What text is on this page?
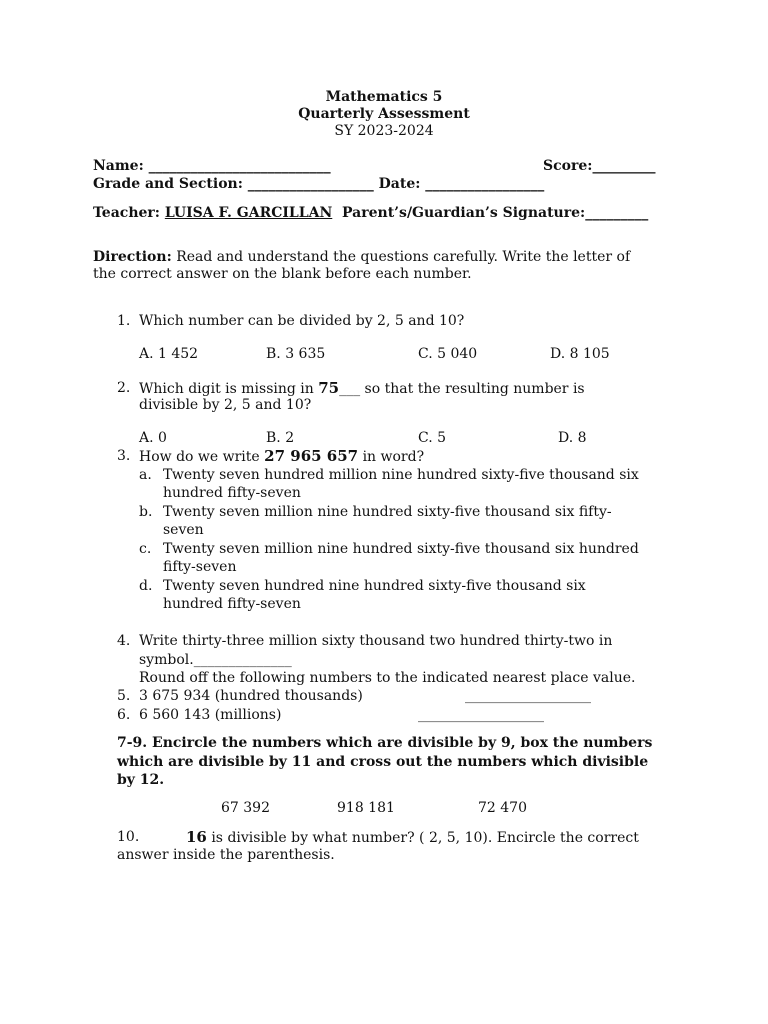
Mathematics 5
Quarterly Assessment
SY 2023-2024
Name: __________________________	Score:_________
Grade and Section: __________________ Date: _________________
Teacher: LUISA F. GARCILLAN Parent’s/Guardian’s Signature:_________
Direction: Read and understand the questions carefully. Write the letter of
the correct answer on the blank before each number.
1. Which number can be divided by 2, 5 and 10?
A. 1 452	B. 3 635	C. 5 040	D. 8 105
2. Which digit is missing in 75___ so that the resulting number is
divisible by 2, 5 and 10?
A. 0	B. 2	C. 5	D. 8
3. How do we write 27 965 657 in word?
a. Twenty seven hundred million nine hundred sixty-five thousand six
hundred fifty-seven
b. Twenty seven million nine hundred sixty-five thousand six fifty-
seven
c. Twenty seven million nine hundred sixty-five thousand six hundred
fifty-seven
d. Twenty seven hundred nine hundred sixty-five thousand six
hundred fifty-seven
4. Write thirty-three million sixty thousand two hundred thirty-two in
symbol.______________
Round off the following numbers to the indicated nearest place value.
5. 3 675 934 (hundred thousands)	__________________
6. 6 560 143 (millions)	__________________
7-9. Encircle the numbers which are divisible by 9, box the numbers
which are divisible by 11 and cross out the numbers which divisible
by 12.
67 392	918 181	72 470
10.	16 is divisible by what number? ( 2, 5, 10). Encircle the correct
answer inside the parenthesis.
